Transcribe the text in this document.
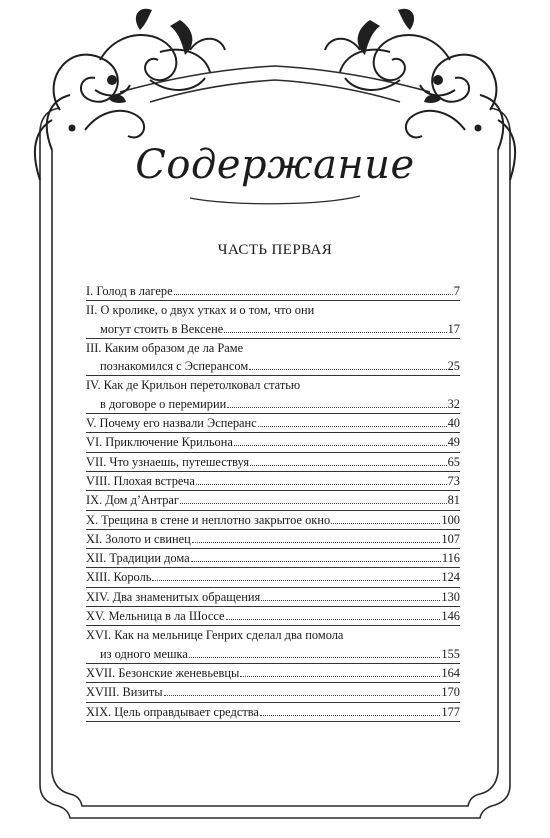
Содержание
ЧАСТЬ ПЕРВАЯ
I. Голод в лагере	7
II. О кролике, о двух утках и о том, что они
могут стоить в Вексене	17
III. Каким образом де ла Раме
познакомился с Эсперансом	25
IV. Как де Крильон перетолковал статью
в договоре о перемирии	32
V. Почему его назвали Эсперанс	40
VI. Приключение Крильона	49
VII. Что узнаешь, путешествуя	65
VIII. Плохая встреча	73
IX. Дом д’Антраг	81
X. Трещина в стене и неплотно закрытое окно	100
XI. Золото и свинец	107
XII. Традиции дома	116
XIII. Король	124
XIV. Два знаменитых обращения	130
XV. Мельница в ла Шоссе	146
XVI. Как на мельнице Генрих сделал два помола
из одного мешка	155
XVII. Безонские женевьевцы	164
XVIII. Визиты	170
XIX. Цель оправдывает средства	177
